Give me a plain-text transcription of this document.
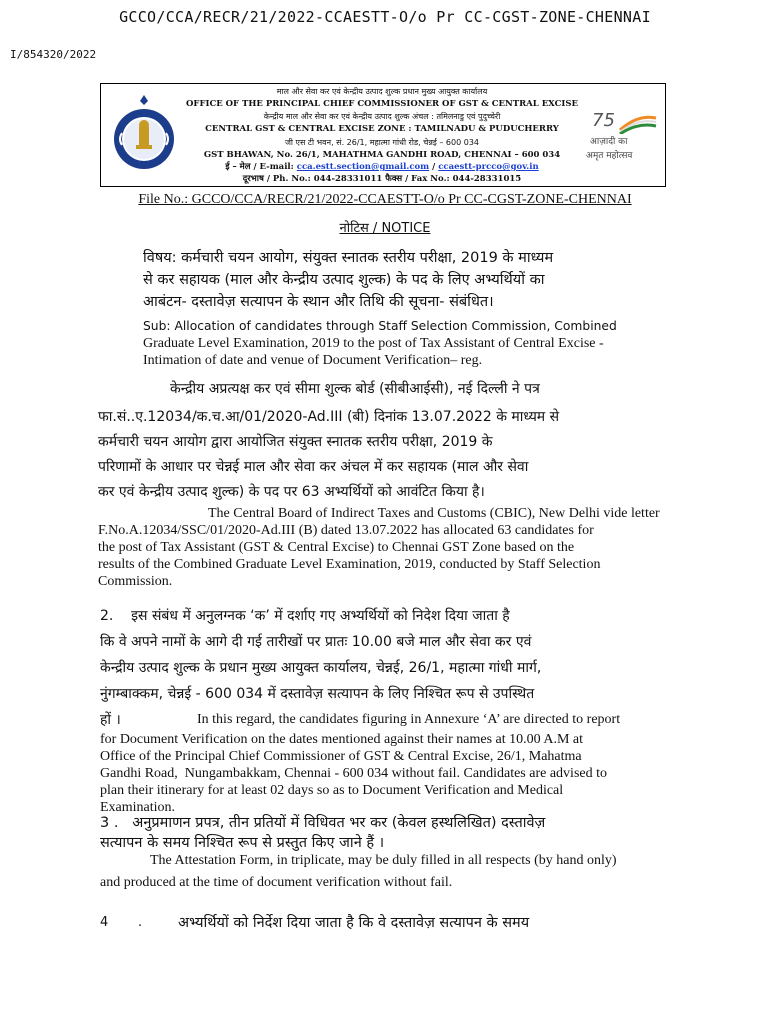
GCCO/CCA/RECR/21/2022-CCAESTT-O/o Pr CC-CGST-ZONE-CHENNAI
I/854320/2022
माल और सेवा कर एवं केन्द्रीय उत्पाद शुल्क प्रधान मुख्य आयुक्त कार्यालय
OFFICE OF THE PRINCIPAL CHIEF COMMISSIONER OF GST & CENTRAL EXCISE
केन्द्रीय माल और सेवा कर एवं केन्द्रीय उत्पाद शुल्क अंचल : तमिलनाडु एवं पुदुच्चेरी
CENTRAL GST & CENTRAL EXCISE ZONE : TAMILNADU & PUDUCHERRY
जी एस टी भवन, सं. 26/1, महात्मा गांधी रोड, चेन्नई – 600 034
GST BHAWAN, No. 26/1, MAHATHMA GANDHI ROAD, CHENNAI – 600 034
ई – मेल / E-mail: cca.estt.section@gmail.com / ccaestt-prcco@gov.in
दूरभाष / Ph. No.: 044-28331011 फैक्स / Fax No.: 044-28331015
75
आज़ादी का
अमृत महोत्सव
File No.: GCCO/CCA/RECR/21/2022-CCAESTT-O/o Pr CC-CGST-ZONE-CHENNAI
नोटिस / NOTICE
विषय: कर्मचारी चयन आयोग, संयुक्त स्नातक स्तरीय परीक्षा, 2019 के माध्यम
से कर सहायक (माल और केन्द्रीय उत्पाद शुल्क) के पद के लिए अभ्यर्थियों का
आबंटन- दस्तावेज़ सत्यापन के स्थान और तिथि की सूचना- संबंधित।
Sub: Allocation of candidates through Staff Selection Commission, Combined
Graduate Level Examination, 2019 to the post of Tax Assistant of Central Excise -
Intimation of date and venue of Document Verification– reg.
केन्द्रीय अप्रत्यक्ष कर एवं सीमा शुल्क बोर्ड (सीबीआईसी), नई दिल्ली ने पत्र
फा.सं..ए.12034/क.च.आ/01/2020-Ad.III (बी) दिनांक 13.07.2022 के माध्यम से
कर्मचारी चयन आयोग द्वारा आयोजित संयुक्त स्नातक स्तरीय परीक्षा, 2019 के
परिणामों के आधार पर चेन्नई माल और सेवा कर अंचल में कर सहायक (माल और सेवा
कर एवं केन्द्रीय उत्पाद शुल्क) के पद पर 63 अभ्यर्थियों को आवंटित किया है।
The Central Board of Indirect Taxes and Customs (CBIC), New Delhi vide letter
F.No.A.12034/SSC/01/2020-Ad.III (B) dated 13.07.2022 has allocated 63 candidates for
the post of Tax Assistant (GST & Central Excise) to Chennai GST Zone based on the
results of the Combined Graduate Level Examination, 2019, conducted by Staff Selection
Commission.
2.    इस संबंध में अनुलग्नक ‘क’ में दर्शाए गए अभ्यर्थियों को निदेश दिया जाता है
कि वे अपने नामों के आगे दी गई तारीखों पर प्रातः 10.00 बजे माल और सेवा कर एवं
केन्द्रीय उत्पाद शुल्क के प्रधान मुख्य आयुक्त कार्यालय, चेन्नई, 26/1, महात्मा गांधी मार्ग,
नुंगम्बाक्कम, चेन्नई - 600 034 में दस्तावेज़ सत्यापन के लिए निश्चित रूप से उपस्थित
हों ।	In this regard, the candidates figuring in Annexure ‘A’ are directed to report
for Document Verification on the dates mentioned against their names at 10.00 A.M at
Office of the Principal Chief Commissioner of GST & Central Excise, 26/1, Mahatma
Gandhi Road,  Nungambakkam, Chennai - 600 034 without fail. Candidates are advised to
plan their itinerary for at least 02 days so as to Document Verification and Medical
Examination.
3 .   अनुप्रमाणन प्रपत्र, तीन प्रतियों में विधिवत भर कर (केवल हस्थलिखित) दस्तावेज़
सत्यापन के समय निश्चित रूप से प्रस्तुत किए जाने हैं ।
The Attestation Form, in triplicate, may be duly filled in all respects (by hand only)
and produced at the time of document verification without fail.
4 . अभ्यर्थियों को निर्देश दिया जाता है कि वे दस्तावेज़ सत्यापन के समय
